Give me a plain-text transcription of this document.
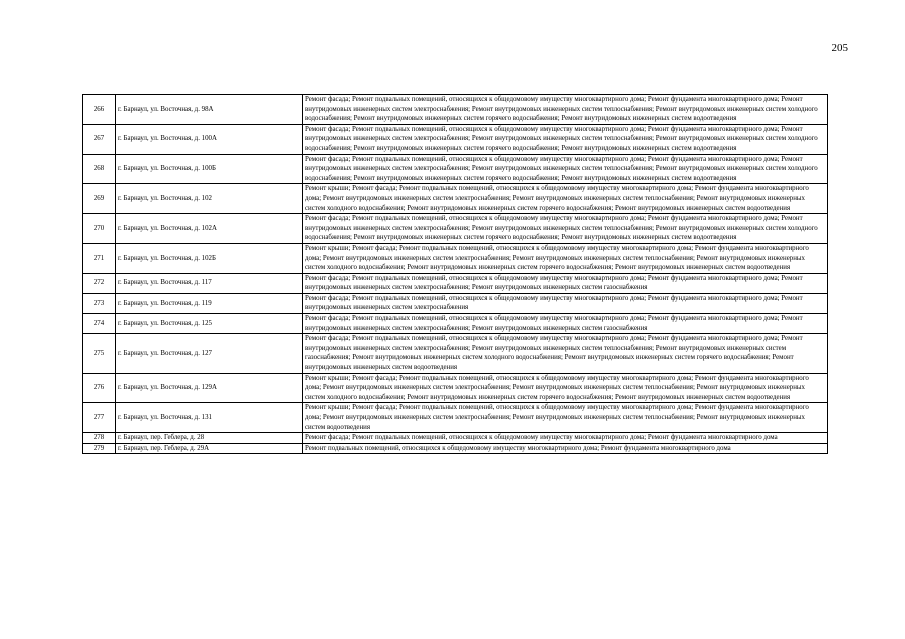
205
266	г. Барнаул, ул. Восточная, д. 98А	Ремонт фасада; Ремонт подвальных помещений, относящихся к общедомовому имуществу многоквартирного дома; Ремонт фундамента многоквартирного дома; Ремонт внутридомовых инженерных систем электроснабжения; Ремонт внутридомовых инженерных систем теплоснабжения; Ремонт внутридомовых инженерных систем холодного водоснабжения; Ремонт внутридомовых инженерных систем горячего водоснабжения; Ремонт внутридомовых инженерных систем водоотведения
267	г. Барнаул, ул. Восточная, д. 100А	Ремонт фасада; Ремонт подвальных помещений, относящихся к общедомовому имуществу многоквартирного дома; Ремонт фундамента многоквартирного дома; Ремонт внутридомовых инженерных систем электроснабжения; Ремонт внутридомовых инженерных систем теплоснабжения; Ремонт внутридомовых инженерных систем холодного водоснабжения; Ремонт внутридомовых инженерных систем горячего водоснабжения; Ремонт внутридомовых инженерных систем водоотведения
268	г. Барнаул, ул. Восточная, д. 100Б	Ремонт фасада; Ремонт подвальных помещений, относящихся к общедомовому имуществу многоквартирного дома; Ремонт фундамента многоквартирного дома; Ремонт внутридомовых инженерных систем электроснабжения; Ремонт внутридомовых инженерных систем теплоснабжения; Ремонт внутридомовых инженерных систем холодного водоснабжения; Ремонт внутридомовых инженерных систем горячего водоснабжения; Ремонт внутридомовых инженерных систем водоотведения
269	г. Барнаул, ул. Восточная, д. 102	Ремонт крыши; Ремонт фасада; Ремонт подвальных помещений, относящихся к общедомовому имуществу многоквартирного дома; Ремонт фундамента многоквартирного дома; Ремонт внутридомовых инженерных систем электроснабжения; Ремонт внутридомовых инженерных систем теплоснабжения; Ремонт внутридомовых инженерных систем холодного водоснабжения; Ремонт внутридомовых инженерных систем горячего водоснабжения; Ремонт внутридомовых инженерных систем водоотведения
270	г. Барнаул, ул. Восточная, д. 102А	Ремонт фасада; Ремонт подвальных помещений, относящихся к общедомовому имуществу многоквартирного дома; Ремонт фундамента многоквартирного дома; Ремонт внутридомовых инженерных систем электроснабжения; Ремонт внутридомовых инженерных систем теплоснабжения; Ремонт внутридомовых инженерных систем холодного водоснабжения; Ремонт внутридомовых инженерных систем горячего водоснабжения; Ремонт внутридомовых инженерных систем водоотведения
271	г. Барнаул, ул. Восточная, д. 102Б	Ремонт крыши; Ремонт фасада; Ремонт подвальных помещений, относящихся к общедомовому имуществу многоквартирного дома; Ремонт фундамента многоквартирного дома; Ремонт внутридомовых инженерных систем электроснабжения; Ремонт внутридомовых инженерных систем теплоснабжения; Ремонт внутридомовых инженерных систем холодного водоснабжения; Ремонт внутридомовых инженерных систем горячего водоснабжения; Ремонт внутридомовых инженерных систем водоотведения
272	г. Барнаул, ул. Восточная, д. 117	Ремонт фасада; Ремонт подвальных помещений, относящихся к общедомовому имуществу многоквартирного дома; Ремонт фундамента многоквартирного дома; Ремонт внутридомовых инженерных систем электроснабжения; Ремонт внутридомовых инженерных систем газоснабжения
273	г. Барнаул, ул. Восточная, д. 119	Ремонт фасада; Ремонт подвальных помещений, относящихся к общедомовому имуществу многоквартирного дома; Ремонт фундамента многоквартирного дома; Ремонт внутридомовых инженерных систем электроснабжения
274	г. Барнаул, ул. Восточная, д. 125	Ремонт фасада; Ремонт подвальных помещений, относящихся к общедомовому имуществу многоквартирного дома; Ремонт фундамента многоквартирного дома; Ремонт внутридомовых инженерных систем электроснабжения; Ремонт внутридомовых инженерных систем газоснабжения
275	г. Барнаул, ул. Восточная, д. 127	Ремонт фасада; Ремонт подвальных помещений, относящихся к общедомовому имуществу многоквартирного дома; Ремонт фундамента многоквартирного дома; Ремонт внутридомовых инженерных систем электроснабжения; Ремонт внутридомовых инженерных систем теплоснабжения; Ремонт внутридомовых инженерных систем газоснабжения; Ремонт внутридомовых инженерных систем холодного водоснабжения; Ремонт внутридомовых инженерных систем горячего водоснабжения; Ремонт внутридомовых инженерных систем водоотведения
276	г. Барнаул, ул. Восточная, д. 129А	Ремонт крыши; Ремонт фасада; Ремонт подвальных помещений, относящихся к общедомовому имуществу многоквартирного дома; Ремонт фундамента многоквартирного дома; Ремонт внутридомовых инженерных систем электроснабжения; Ремонт внутридомовых инженерных систем теплоснабжения; Ремонт внутридомовых инженерных систем холодного водоснабжения; Ремонт внутридомовых инженерных систем горячего водоснабжения; Ремонт внутридомовых инженерных систем водоотведения
277	г. Барнаул, ул. Восточная, д. 131	Ремонт крыши; Ремонт фасада; Ремонт подвальных помещений, относящихся к общедомовому имуществу многоквартирного дома; Ремонт фундамента многоквартирного дома; Ремонт внутридомовых инженерных систем электроснабжения; Ремонт внутридомовых инженерных систем теплоснабжения; Ремонт внутридомовых инженерных систем водоотведения
278	г. Барнаул, пер. Геблера, д. 28	Ремонт фасада; Ремонт подвальных помещений, относящихся к общедомовому имуществу многоквартирного дома; Ремонт фундамента многоквартирного дома
279	г. Барнаул, пер. Геблера, д. 29А	Ремонт подвальных помещений, относящихся к общедомовому имуществу многоквартирного дома; Ремонт фундамента многоквартирного дома
